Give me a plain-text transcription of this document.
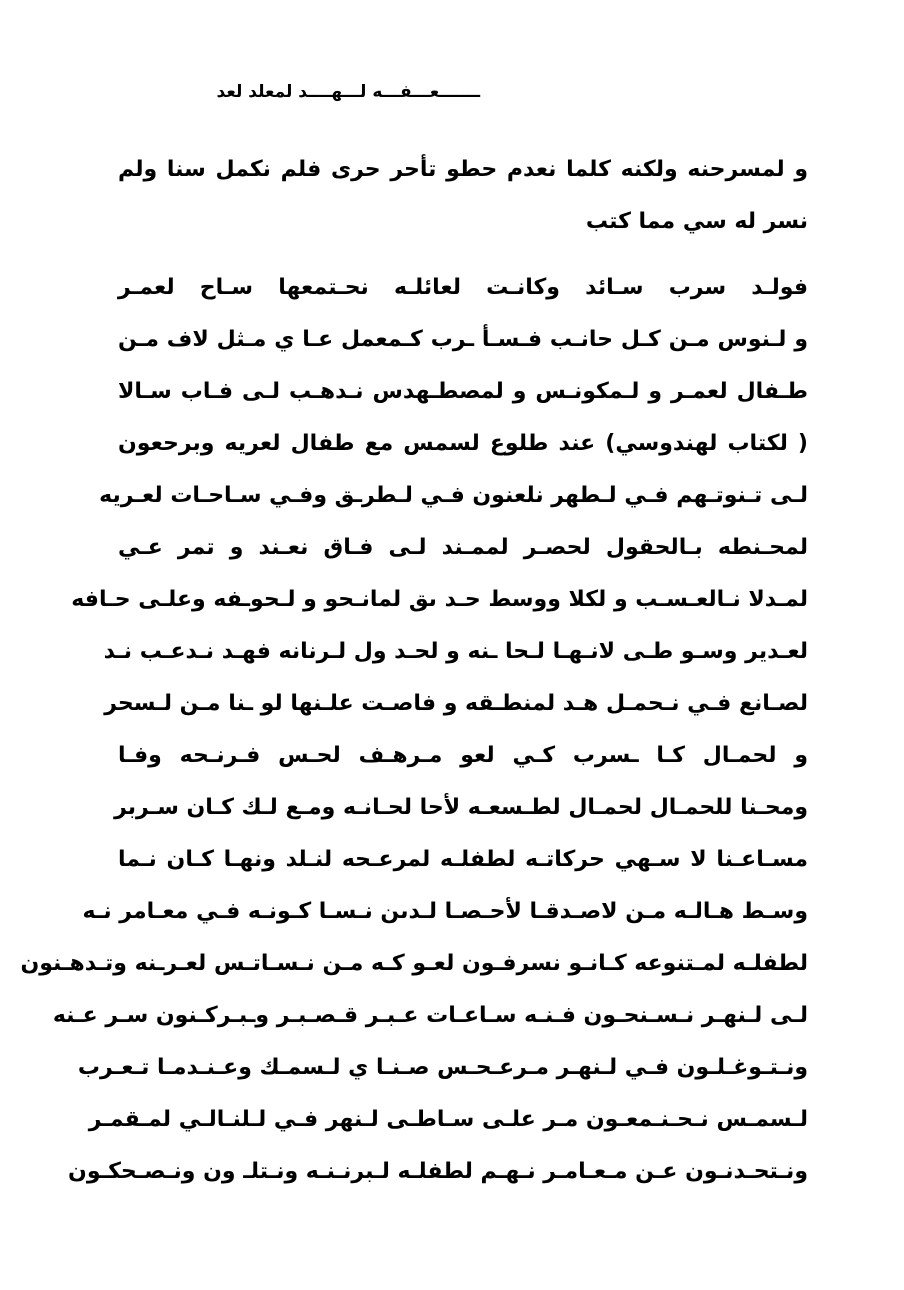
ـــــــعـــفـــه لـــهــــد لمعلد لعد
و لمسرحنه ولكنه كلما نعدم حطو تأحر حرى فلم نكمل سنا ولم
نسر له سي مما كتب
فولـد سرب سـائد وكانـت لعائلـه نحـتمعها سـاح لعمـر
و لـنوس مـن كـل حانـب فـسـأ ـرب كـمعمل عـا ي مـثل لاف مـن
طـفال لعمـر و لـمكونـس و لمصطـهدس نـدهـب لـى فـاب سـالا
( لكتاب لهندوسي) عند طلوع لسمس مع طفال لعريه وبرحعون
لـى تـنوتـهم فـي لـطهر نلعنون فـي لـطرـق وفـي سـاحـات لعـريه
لمحـنطه بـالحقول لحصـر لممـند لـى فـاق نعـند و تمر عـي
لمـدلا نـالعـسـب و لكلا ووسط حـد ىق لمانـحو و لـحوـفه وعلـى حـافه
لعـدير وسـو طـى لانـهـا لـحا ـنه و لحـد ول لـرنانه فهـد نـدعـب نـد
لصـانع فـي نـحمـل هـد لمنطـقه و فاصـت علـنها لو ـنا مـن لـسحر
و لحمـال كـا ـسرب كـي لعو مـرهـف لحـس فـرنـحه وفـا
ومحـنا للحمـال لحمـال لطـسعـه لأحا لحـانـه ومـع لـك كـان سـربر
مسـاعـنا لا سـهي حركاتـه لطفلـه لمرعـحه لنـلد ونهـا كـان نـما
وسـط هـالـه مـن لاصـدقـا لأحـصـا لـدىن نـسـا كـونـه فـي معـامر نـه
لطفلـه لمـتنوعه كـانـو نسرفـون لعـو كـه مـن نـسـاتـس لعـرـنه وتـدهـنون
لـى لـنهـر نـسـنحـون فـنـه سـاعـات عـبـر قـصـبـر وـبـركـنون سـر عـنه
ونـتـوغـلـون فـي لـنهـر مـرعـحـس صـنـا ي لـسمـك وعـنـدمـا تـعـرب
لـسمـس نـحـنـمعـون مـر علـى سـاطـى لـنهر فـي لـلنـالـي لمـقمـر
ونـتحـدنـون عـن مـعـامـر نـهـم لطفلـه لـبرنـنـه ونـتلـ ون ونـصـحكـون
